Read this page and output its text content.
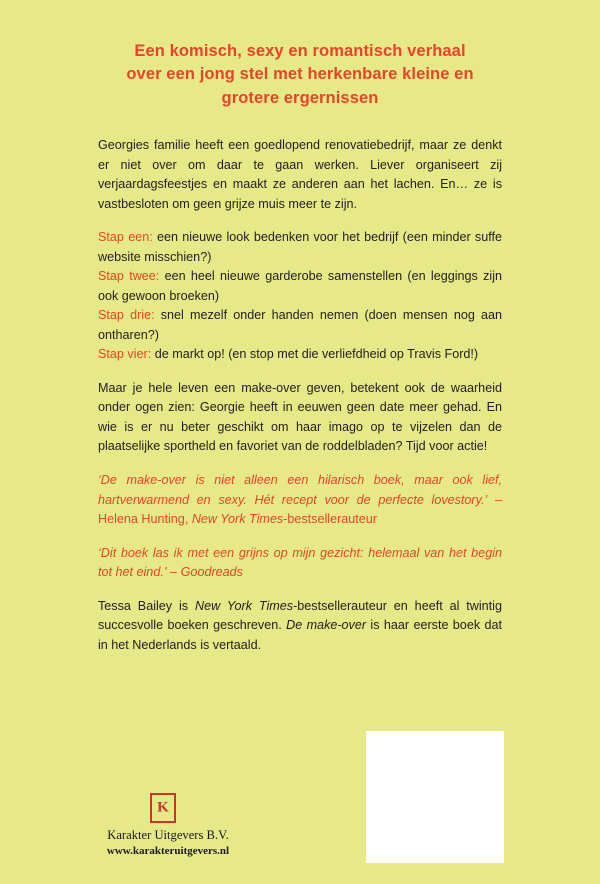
Een komisch, sexy en romantisch verhaal
over een jong stel met herkenbare kleine en
grotere ergernissen

Georgies familie heeft een goedlopend renovatiebedrijf, maar ze denkt er niet over om daar te gaan werken. Liever organiseert zij verjaardagsfeestjes en maakt ze anderen aan het lachen. En… ze is vastbesloten om geen grijze muis meer te zijn.

Stap een: een nieuwe look bedenken voor het bedrijf (een minder suffe website misschien?)

Stap twee: een heel nieuwe garderobe samenstellen (en leggings zijn ook gewoon broeken)

Stap drie: snel mezelf onder handen nemen (doen mensen nog aan ontharen?)

Stap vier: de markt op! (en stop met die verliefdheid op Travis Ford!)

Maar je hele leven een make-over geven, betekent ook de waarheid onder ogen zien: Georgie heeft in eeuwen geen date meer gehad. En wie is er nu beter geschikt om haar imago op te vijzelen dan de plaatselijke sportheld en favoriet van de roddelbladen? Tijd voor actie!

‘De make-over is niet alleen een hilarisch boek, maar ook lief, hartverwarmend en sexy. Hét recept voor de perfecte lovestory.’ – Helena Hunting, New York Times-bestsellerauteur

‘Dit boek las ik met een grijns op mijn gezicht: helemaal van het begin tot het eind.’ – Goodreads

Tessa Bailey is New York Times-bestsellerauteur en heeft al twintig succesvolle boeken geschreven. De make-over is haar eerste boek dat in het Nederlands is vertaald.

K
Karakter Uitgevers B.V.
www.karakteruitgevers.nl
